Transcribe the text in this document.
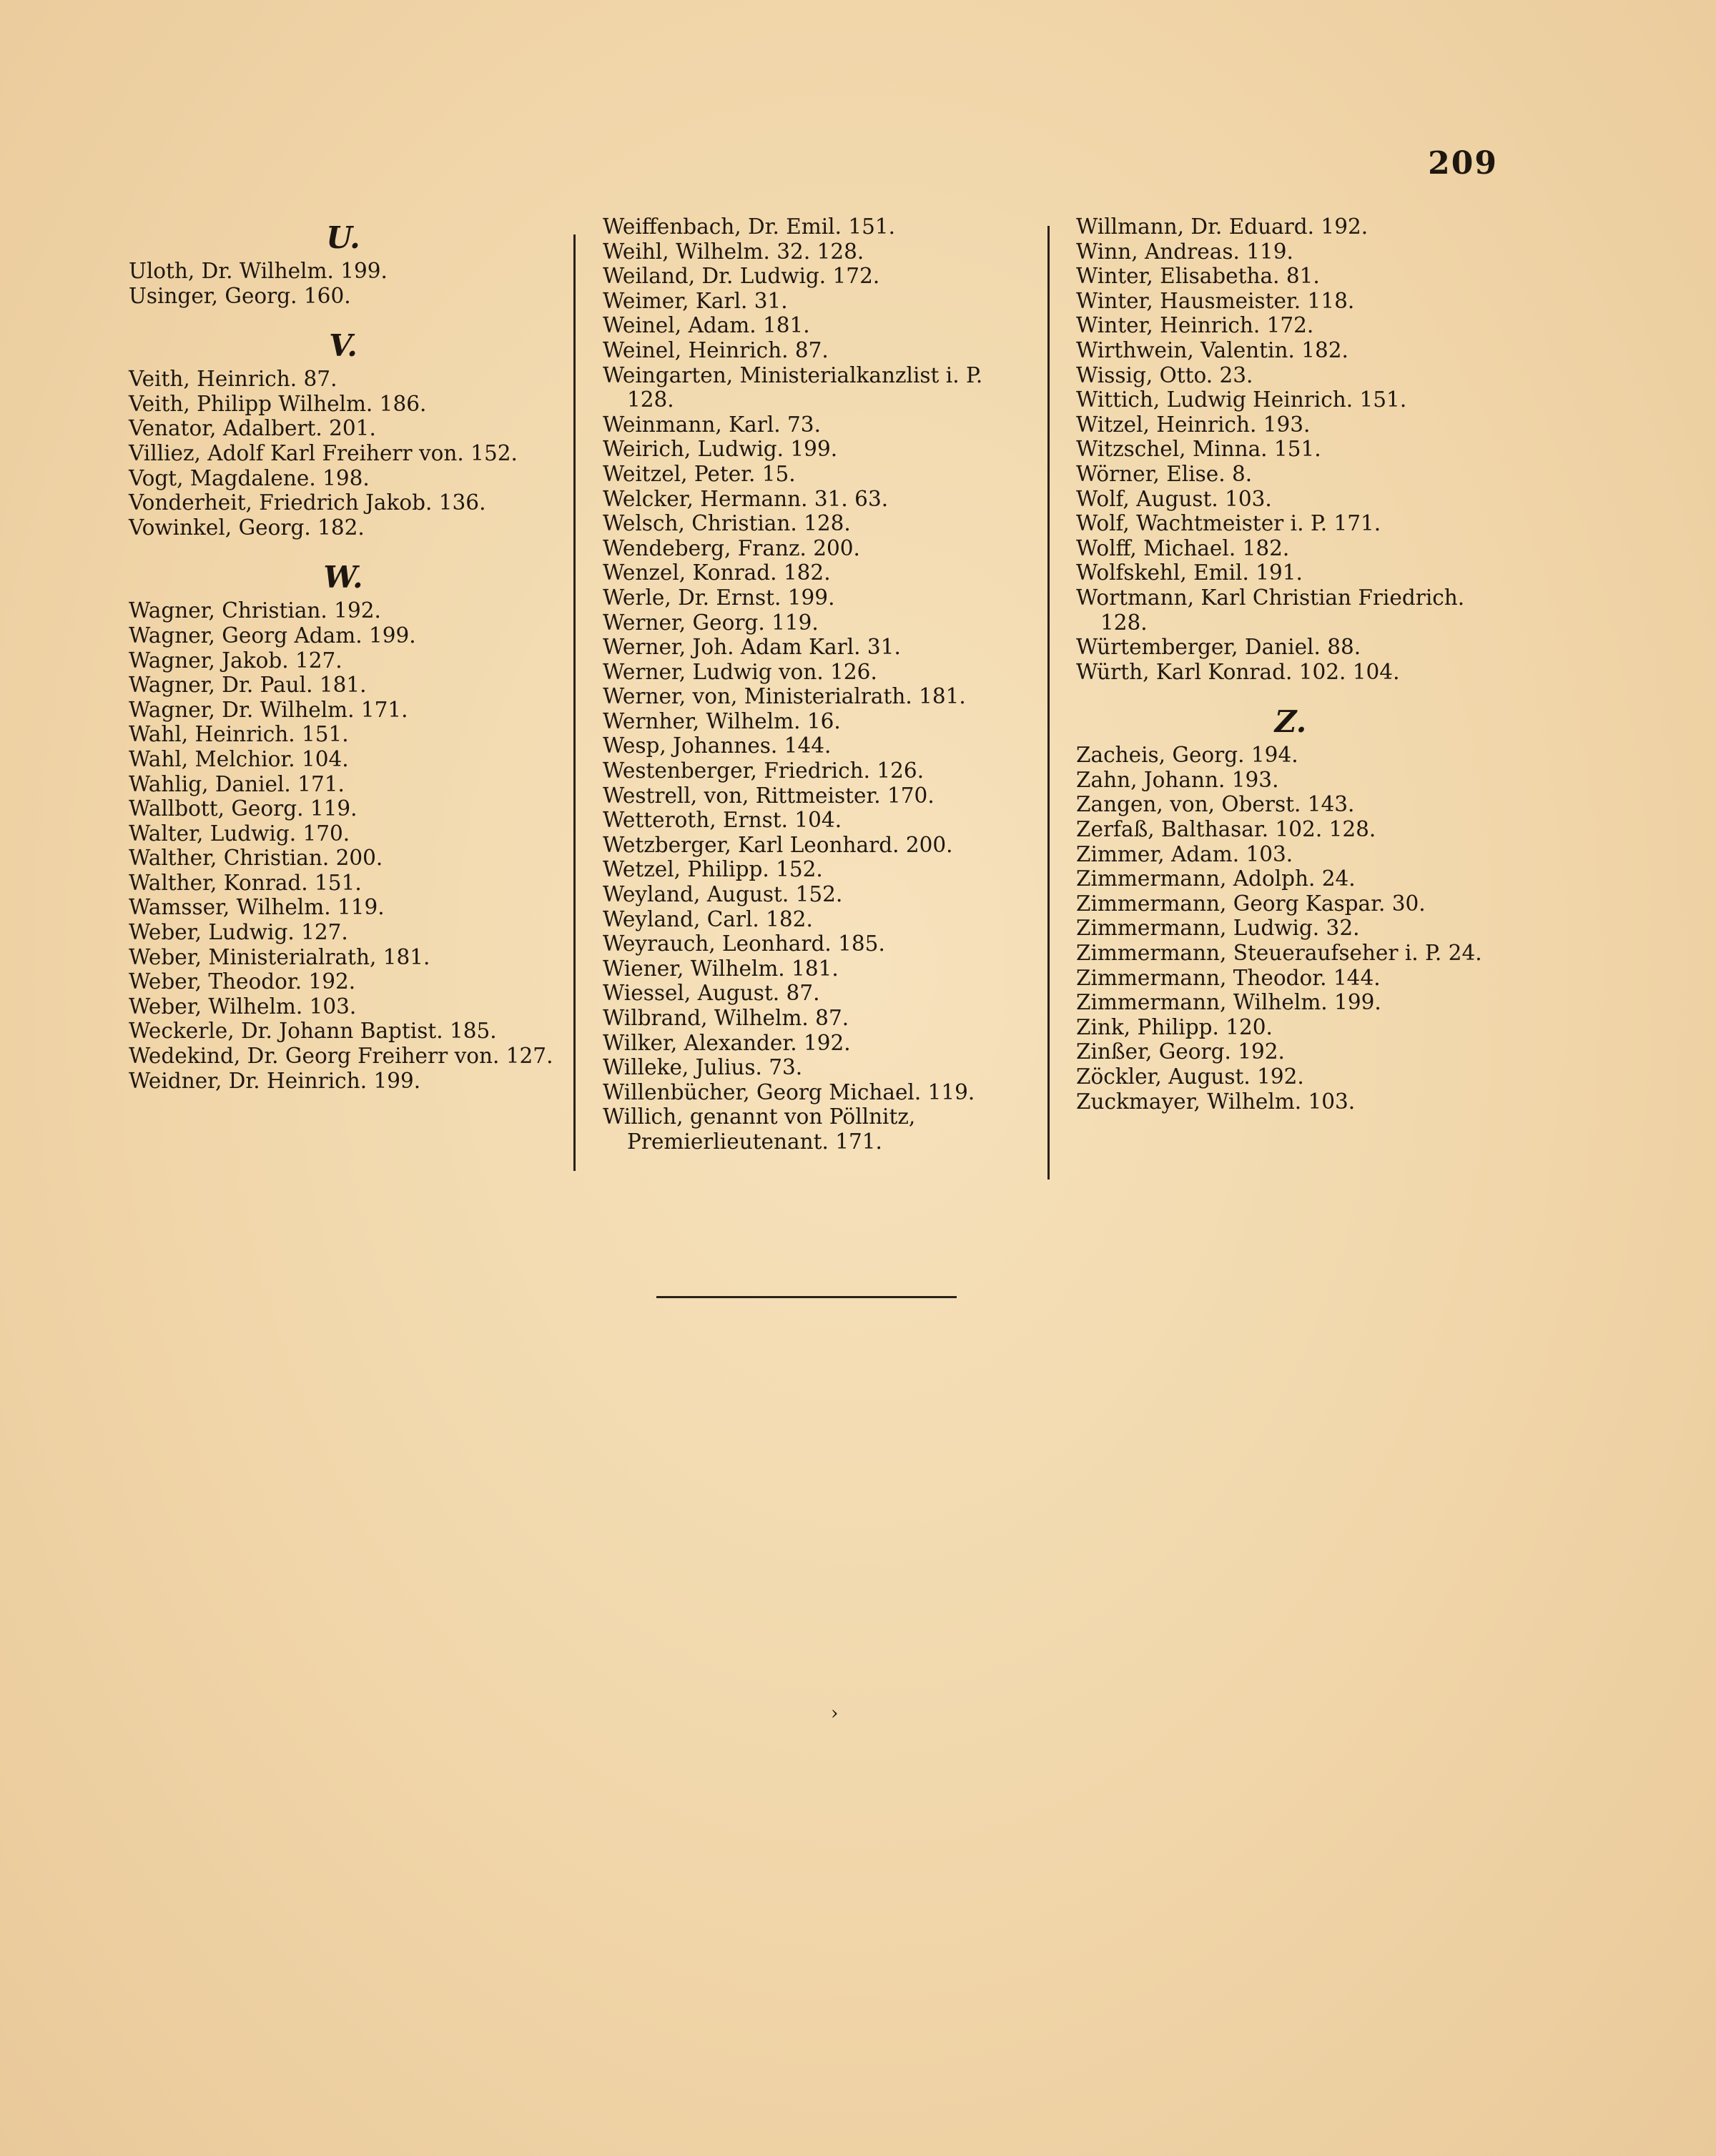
209
U.
Uloth, Dr. Wilhelm. 199.
Usinger, Georg. 160.
V.
Veith, Heinrich. 87.
Veith, Philipp Wilhelm. 186.
Venator, Adalbert. 201.
Villiez, Adolf Karl Freiherr von. 152.
Vogt, Magdalene. 198.
Vonderheit, Friedrich Jakob. 136.
Vowinkel, Georg. 182.
W.
Wagner, Christian. 192.
Wagner, Georg Adam. 199.
Wagner, Jakob. 127.
Wagner, Dr. Paul. 181.
Wagner, Dr. Wilhelm. 171.
Wahl, Heinrich. 151.
Wahl, Melchior. 104.
Wahlig, Daniel. 171.
Wallbott, Georg. 119.
Walter, Ludwig. 170.
Walther, Christian. 200.
Walther, Konrad. 151.
Wamsser, Wilhelm. 119.
Weber, Ludwig. 127.
Weber, Ministerialrath, 181.
Weber, Theodor. 192.
Weber, Wilhelm. 103.
Weckerle, Dr. Johann Baptist. 185.
Wedekind, Dr. Georg Freiherr von. 127.
Weidner, Dr. Heinrich. 199.
Weiffenbach, Dr. Emil. 151.
Weihl, Wilhelm. 32. 128.
Weiland, Dr. Ludwig. 172.
Weimer, Karl. 31.
Weinel, Adam. 181.
Weinel, Heinrich. 87.
Weingarten, Ministerialkanzlist i. P. 128.
Weinmann, Karl. 73.
Weirich, Ludwig. 199.
Weitzel, Peter. 15.
Welcker, Hermann. 31. 63.
Welsch, Christian. 128.
Wendeberg, Franz. 200.
Wenzel, Konrad. 182.
Werle, Dr. Ernst. 199.
Werner, Georg. 119.
Werner, Joh. Adam Karl. 31.
Werner, Ludwig von. 126.
Werner, von, Ministerialrath. 181.
Wernher, Wilhelm. 16.
Wesp, Johannes. 144.
Westenberger, Friedrich. 126.
Westrell, von, Rittmeister. 170.
Wetteroth, Ernst. 104.
Wetzberger, Karl Leonhard. 200.
Wetzel, Philipp. 152.
Weyland, August. 152.
Weyland, Carl. 182.
Weyrauch, Leonhard. 185.
Wiener, Wilhelm. 181.
Wiessel, August. 87.
Wilbrand, Wilhelm. 87.
Wilker, Alexander. 192.
Willeke, Julius. 73.
Willenbücher, Georg Michael. 119.
Willich, genannt von Pöllnitz, Premierlieutenant. 171.
Willmann, Dr. Eduard. 192.
Winn, Andreas. 119.
Winter, Elisabetha. 81.
Winter, Hausmeister. 118.
Winter, Heinrich. 172.
Wirthwein, Valentin. 182.
Wissig, Otto. 23.
Wittich, Ludwig Heinrich. 151.
Witzel, Heinrich. 193.
Witzschel, Minna. 151.
Wörner, Elise. 8.
Wolf, August. 103.
Wolf, Wachtmeister i. P. 171.
Wolff, Michael. 182.
Wolfskehl, Emil. 191.
Wortmann, Karl Christian Friedrich. 128.
Würtemberger, Daniel. 88.
Würth, Karl Konrad. 102. 104.
Z.
Zacheis, Georg. 194.
Zahn, Johann. 193.
Zangen, von, Oberst. 143.
Zerfaß, Balthasar. 102. 128.
Zimmer, Adam. 103.
Zimmermann, Adolph. 24.
Zimmermann, Georg Kaspar. 30.
Zimmermann, Ludwig. 32.
Zimmermann, Steueraufseher i. P. 24.
Zimmermann, Theodor. 144.
Zimmermann, Wilhelm. 199.
Zink, Philipp. 120.
Zinßer, Georg. 192.
Zöckler, August. 192.
Zuckmayer, Wilhelm. 103.
›
